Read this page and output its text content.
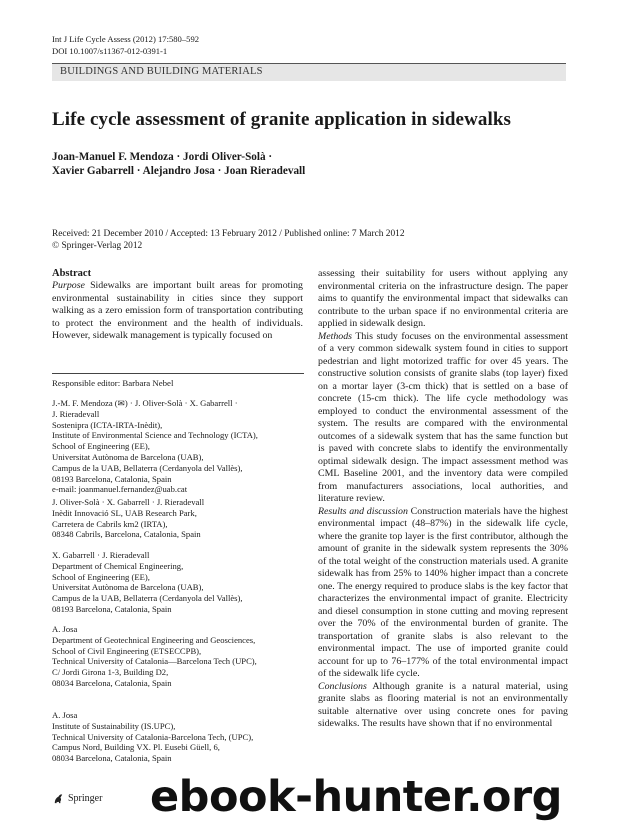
Int J Life Cycle Assess (2012) 17:580–592
DOI 10.1007/s11367-012-0391-1
BUILDINGS AND BUILDING MATERIALS
Life cycle assessment of granite application in sidewalks
Joan-Manuel F. Mendoza · Jordi Oliver-Solà ·
Xavier Gabarrell · Alejandro Josa · Joan Rieradevall
Received: 21 December 2010 / Accepted: 13 February 2012 / Published online: 7 March 2012
© Springer-Verlag 2012
Abstract

Purpose Sidewalks are important built areas for promoting environmental sustainability in cities since they support walking as a zero emission form of transportation contributing to protect the environment and the health of individuals. However, sidewalk management is typically focused on

Responsible editor: Barbara Nebel
J.-M. F. Mendoza (✉) · J. Oliver-Solà · X. Gabarrell ·
J. Rieradevall
Sostenipra (ICTA-IRTA-Inèdit),
Institute of Environmental Science and Technology (ICTA),
School of Engineering (EE),
Universitat Autònoma de Barcelona (UAB),
Campus de la UAB, Bellaterra (Cerdanyola del Vallès),
08193 Barcelona, Catalonia, Spain
e-mail: joanmanuel.fernandez@uab.cat
J. Oliver-Solà · X. Gabarrell · J. Rieradevall
Inèdit Innovació SL, UAB Research Park,
Carretera de Cabrils km2 (IRTA),
08348 Cabrils, Barcelona, Catalonia, Spain
X. Gabarrell · J. Rieradevall
Department of Chemical Engineering,
School of Engineering (EE),
Universitat Autònoma de Barcelona (UAB),
Campus de la UAB, Bellaterra (Cerdanyola del Vallès),
08193 Barcelona, Catalonia, Spain
A. Josa
Department of Geotechnical Engineering and Geosciences,
School of Civil Engineering (ETSECCPB),
Technical University of Catalonia—Barcelona Tech (UPC),
C/ Jordi Girona 1-3, Building D2,
08034 Barcelona, Catalonia, Spain
A. Josa
Institute of Sustainability (IS.UPC),
Technical University of Catalonia-Barcelona Tech, (UPC),
Campus Nord, Building VX. Pl. Eusebi Güell, 6,
08034 Barcelona, Catalonia, Spain

assessing their suitability for users without applying any environmental criteria on the infrastructure design. The paper aims to quantify the environmental impact that sidewalks can contribute to the urban space if no environmental criteria are applied in sidewalk design.

Methods This study focuses on the environmental assessment of a very common sidewalk system found in cities to support pedestrian and light motorized traffic for over 45 years. The constructive solution consists of granite slabs (top layer) fixed on a mortar layer (3-cm thick) that is settled on a base of concrete (15-cm thick). The life cycle methodology was employed to conduct the environmental assessment of the system. The results are compared with the environmental outcomes of a sidewalk system that has the same function but is paved with concrete slabs to identify the environmentally optimal sidewalk design. The impact assessment method was CML Baseline 2001, and the inventory data were compiled from manufacturers associations, local authorities, and literature review.

Results and discussion Construction materials have the highest environmental impact (48–87%) in the sidewalk life cycle, where the granite top layer is the first contributor, although the amount of granite in the sidewalk system represents the 30% of the total weight of the construction materials used. A granite sidewalk has from 25% to 140% higher impact than a concrete one. The energy required to produce slabs is the key factor that characterizes the environmental impact of granite. Electricity and diesel consumption in stone cutting and moving represent over the 70% of the environmental burden of granite. The transportation of granite slabs is also relevant to the environmental impact. The use of imported granite could account for up to 76–177% of the total environmental impact of the sidewalk life cycle.

Conclusions Although granite is a natural material, using granite slabs as flooring material is not an environmentally suitable alternative over using concrete ones for paving sidewalks. The results have shown that if no environmental

Springer ebook-hunter.org
